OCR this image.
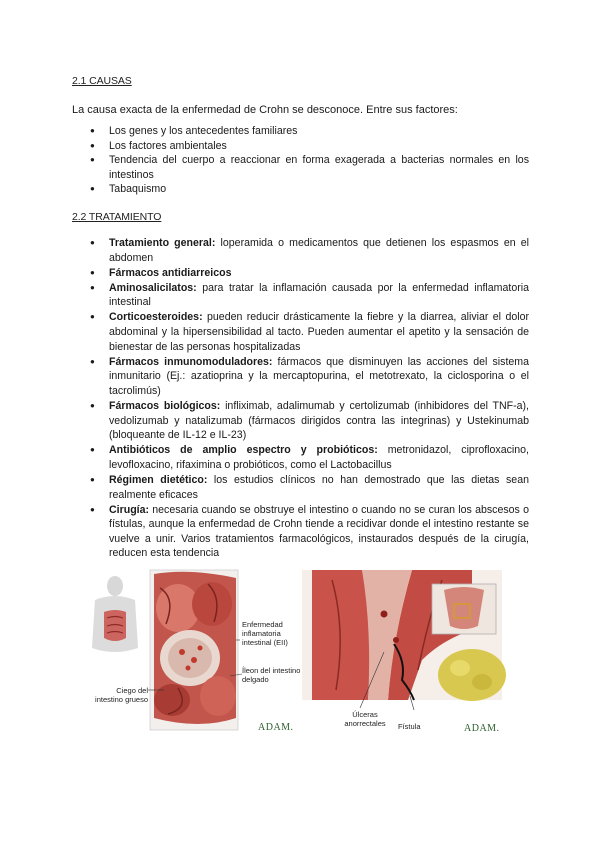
2.1 CAUSAS

La causa exacta de la enfermedad de Crohn se desconoce. Entre sus factores:

● Los genes y los antecedentes familiares
● Los factores ambientales
● Tendencia del cuerpo a reaccionar en forma exagerada a bacterias normales en los intestinos
● Tabaquismo
2.2 TRATAMIENTO
● Tratamiento general: loperamida o medicamentos que detienen los espasmos en el abdomen
● Fármacos antidiarreicos
● Aminosalicilatos: para tratar la inflamación causada por la enfermedad inflamatoria intestinal
● Corticoesteroides: pueden reducir drásticamente la fiebre y la diarrea, aliviar el dolor abdominal y la hipersensibilidad al tacto. Pueden aumentar el apetito y la sensación de bienestar de las personas hospitalizadas
● Fármacos inmunomoduladores: fármacos que disminuyen las acciones del sistema inmunitario (Ej.: azatioprina y la mercaptopurina, el metotrexato, la ciclosporina o el tacrolimús)
● Fármacos biológicos: infliximab, adalimumab y certolizumab (inhibidores del TNF-a), vedolizumab y natalizumab (fármacos dirigidos contra las integrinas) y Ustekinumab (bloqueante de IL-12 e IL-23)
● Antibióticos de amplio espectro y probióticos: metronidazol, ciprofloxacino, levofloxacino, rifaximina o probióticos, como el Lactobacillus
● Régimen dietético: los estudios clínicos no han demostrado que las dietas sean realmente eficaces
● Cirugía: necesaria cuando se obstruye el intestino o cuando no se curan los abscesos o fístulas, aunque la enfermedad de Crohn tiende a recidivar donde el intestino restante se vuelve a unir. Varios tratamientos farmacológicos, instaurados después de la cirugía, reducen esta tendencia
Enfermedad inflamatoria intestinal (EII)
Íleon del intestino delgado
Ciego del intestino grueso
ADAM.
Úlceras anorrectales	Fístula	ADAM.
